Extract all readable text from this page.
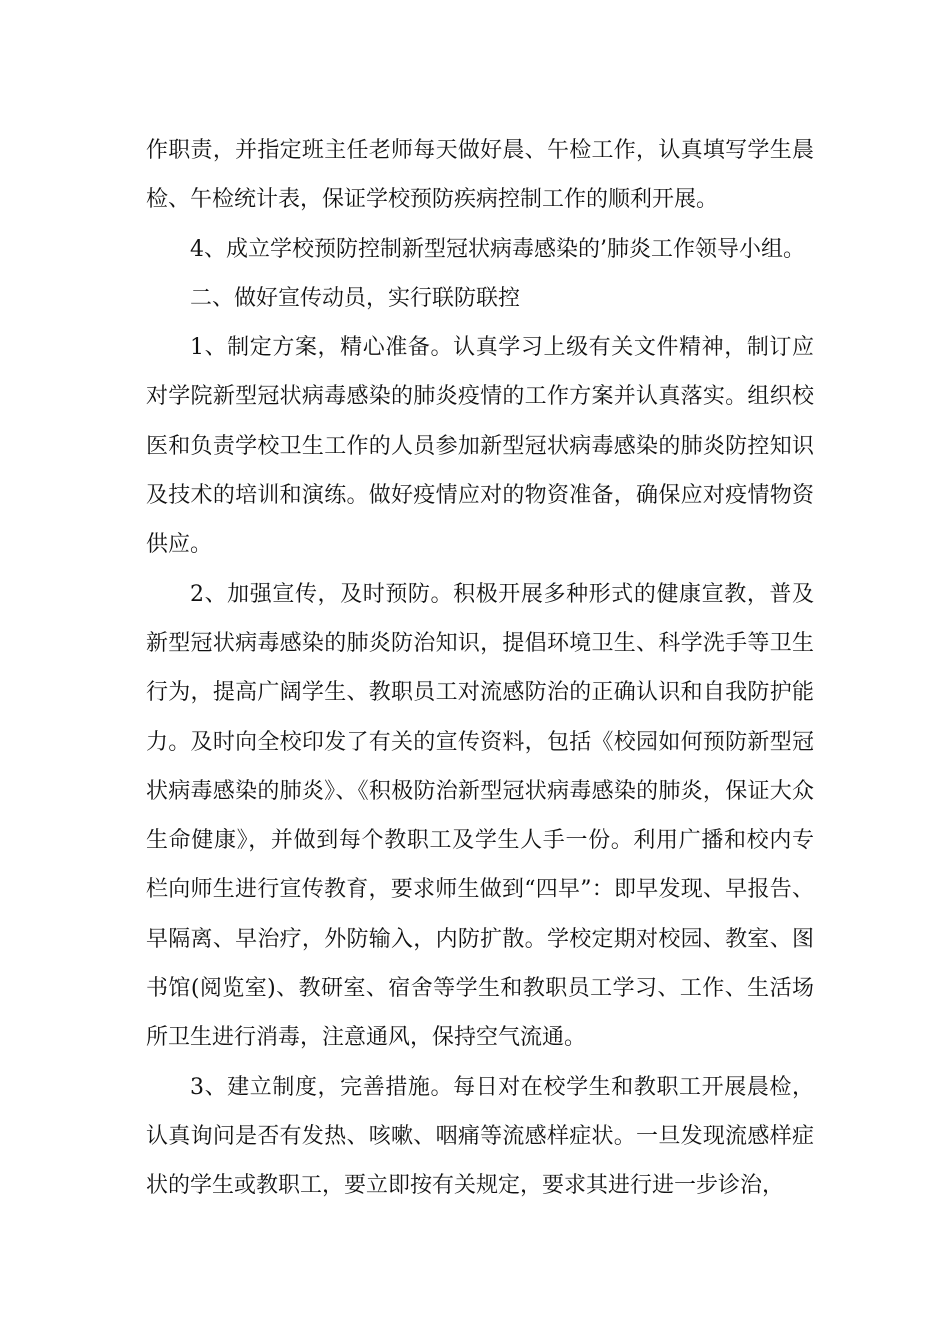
作职责，并指定班主任老师每天做好晨、午检工作，认真填写学生晨检、午检统计表，保证学校预防疾病控制工作的顺利开展。

4、成立学校预防控制新型冠状病毒感染的’肺炎工作领导小组。

二、做好宣传动员，实行联防联控

1、制定方案，精心准备。认真学习上级有关文件精神，制订应对学院新型冠状病毒感染的肺炎疫情的工作方案并认真落实。组织校医和负责学校卫生工作的人员参加新型冠状病毒感染的肺炎防控知识及技术的培训和演练。做好疫情应对的物资准备，确保应对疫情物资供应。

2、加强宣传，及时预防。积极开展多种形式的健康宣教，普及新型冠状病毒感染的肺炎防治知识，提倡环境卫生、科学洗手等卫生行为，提高广阔学生、教职员工对流感防治的正确认识和自我防护能力。及时向全校印发了有关的宣传资料，包括《校园如何预防新型冠状病毒感染的肺炎》、《积极防治新型冠状病毒感染的肺炎，保证大众生命健康》，并做到每个教职工及学生人手一份。利用广播和校内专栏向师生进行宣传教育，要求师生做到“四早”：即早发现、早报告、早隔离、早治疗，外防输入，内防扩散。学校定期对校园、教室、图书馆(阅览室)、教研室、宿舍等学生和教职员工学习、工作、生活场所卫生进行消毒，注意通风，保持空气流通。

3、建立制度，完善措施。每日对在校学生和教职工开展晨检，认真询问是否有发热、咳嗽、咽痛等流感样症状。一旦发现流感样症状的学生或教职工，要立即按有关规定，要求其进行进一步诊治，
